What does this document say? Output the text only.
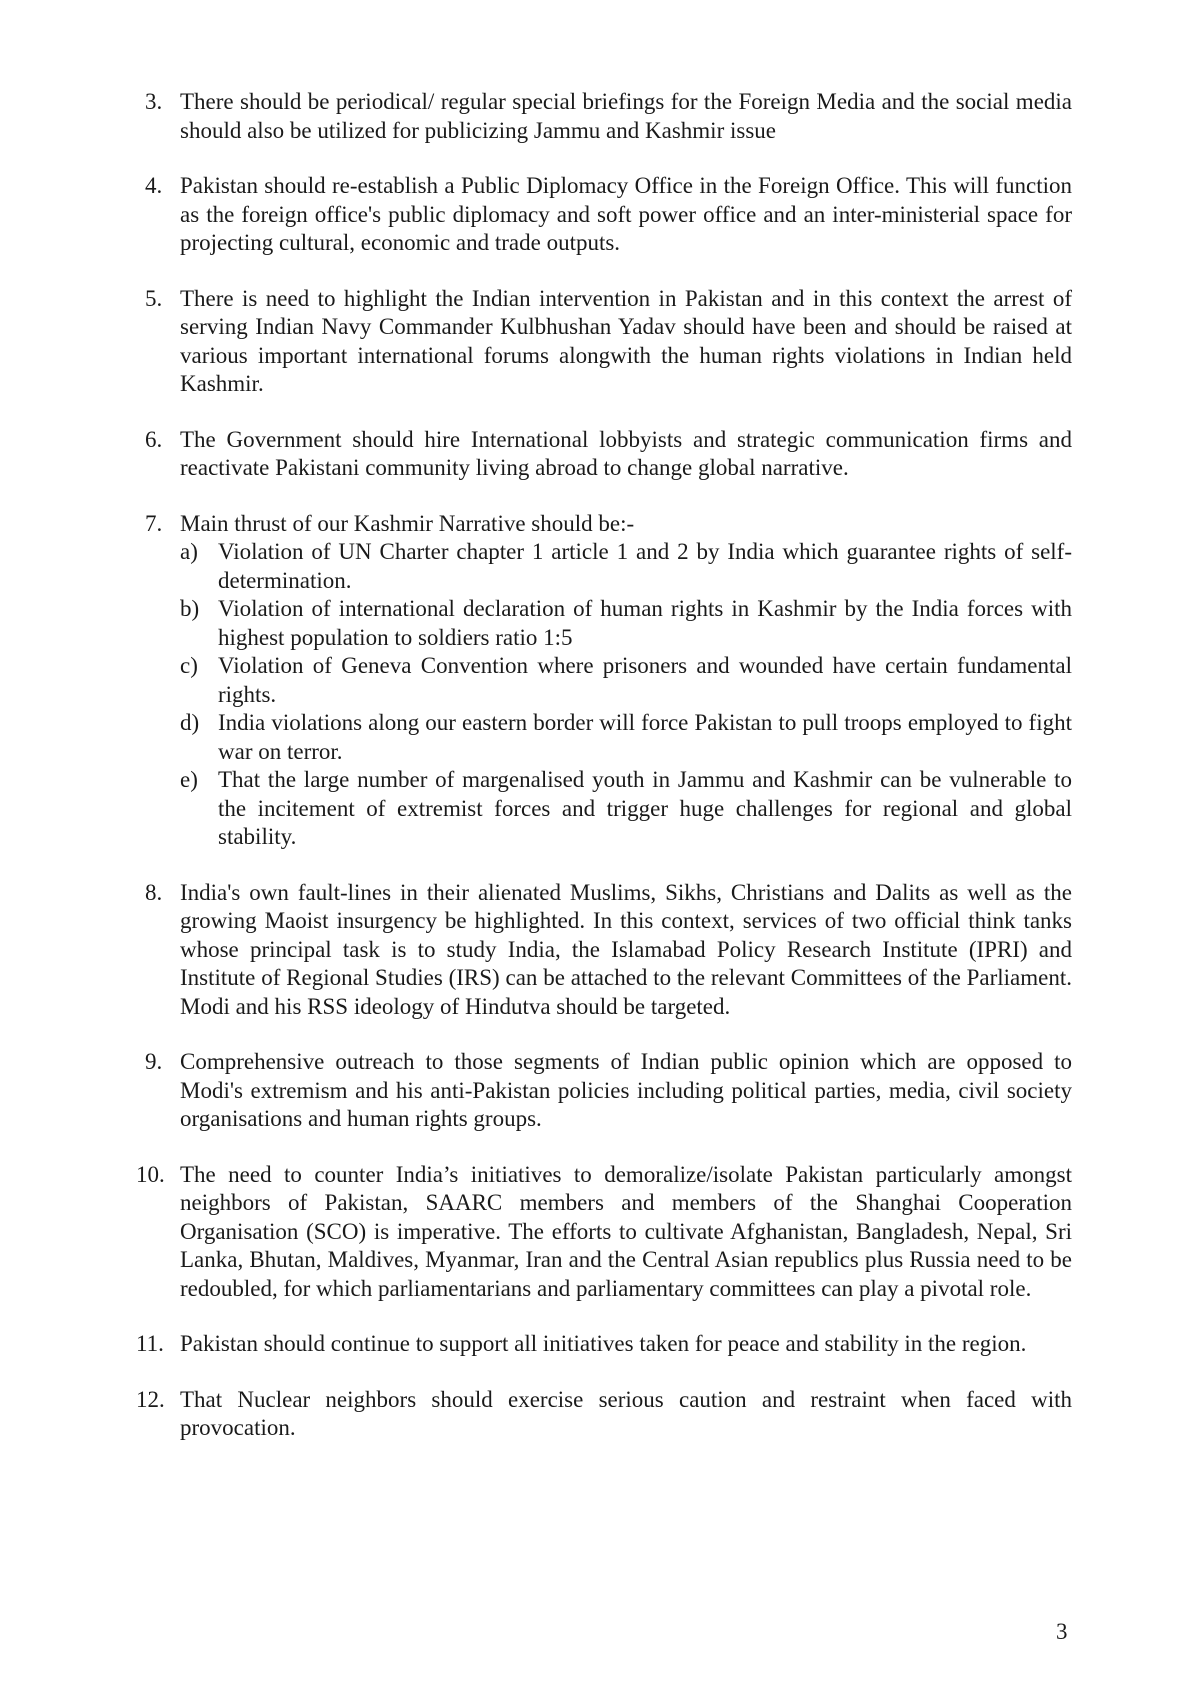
3. There should be periodical/ regular special briefings for the Foreign Media and the social media should also be utilized for publicizing Jammu and Kashmir issue
4. Pakistan should re-establish a Public Diplomacy Office in the Foreign Office. This will function as the foreign office's public diplomacy and soft power office and an inter-ministerial space for projecting cultural, economic and trade outputs.
5. There is need to highlight the Indian intervention in Pakistan and in this context the arrest of serving Indian Navy Commander Kulbhushan Yadav should have been and should be raised at various important international forums alongwith the human rights violations in Indian held Kashmir.
6. The Government should hire International lobbyists and strategic communication firms and reactivate Pakistani community living abroad to change global narrative.
7. Main thrust of our Kashmir Narrative should be:-
a) Violation of UN Charter chapter 1 article 1 and 2 by India which guarantee rights of self-determination.
b) Violation of international declaration of human rights in Kashmir by the India forces with highest population to soldiers ratio 1:5
c) Violation of Geneva Convention where prisoners and wounded have certain fundamental rights.
d) India violations along our eastern border will force Pakistan to pull troops employed to fight war on terror.
e) That the large number of margenalised youth in Jammu and Kashmir can be vulnerable to the incitement of extremist forces and trigger huge challenges for regional and global stability.
8. India's own fault-lines in their alienated Muslims, Sikhs, Christians and Dalits as well as the growing Maoist insurgency be highlighted. In this context, services of two official think tanks whose principal task is to study India, the Islamabad Policy Research Institute (IPRI) and Institute of Regional Studies (IRS) can be attached to the relevant Committees of the Parliament. Modi and his RSS ideology of Hindutva should be targeted.
9. Comprehensive outreach to those segments of Indian public opinion which are opposed to Modi's extremism and his anti-Pakistan policies including political parties, media, civil society organisations and human rights groups.
10. The need to counter India’s initiatives to demoralize/isolate Pakistan particularly amongst neighbors of Pakistan, SAARC members and members of the Shanghai Cooperation Organisation (SCO) is imperative. The efforts to cultivate Afghanistan, Bangladesh, Nepal, Sri Lanka, Bhutan, Maldives, Myanmar, Iran and the Central Asian republics plus Russia need to be redoubled, for which parliamentarians and parliamentary committees can play a pivotal role.
11. Pakistan should continue to support all initiatives taken for peace and stability in the region.
12. That Nuclear neighbors should exercise serious caution and restraint when faced with provocation.
3
